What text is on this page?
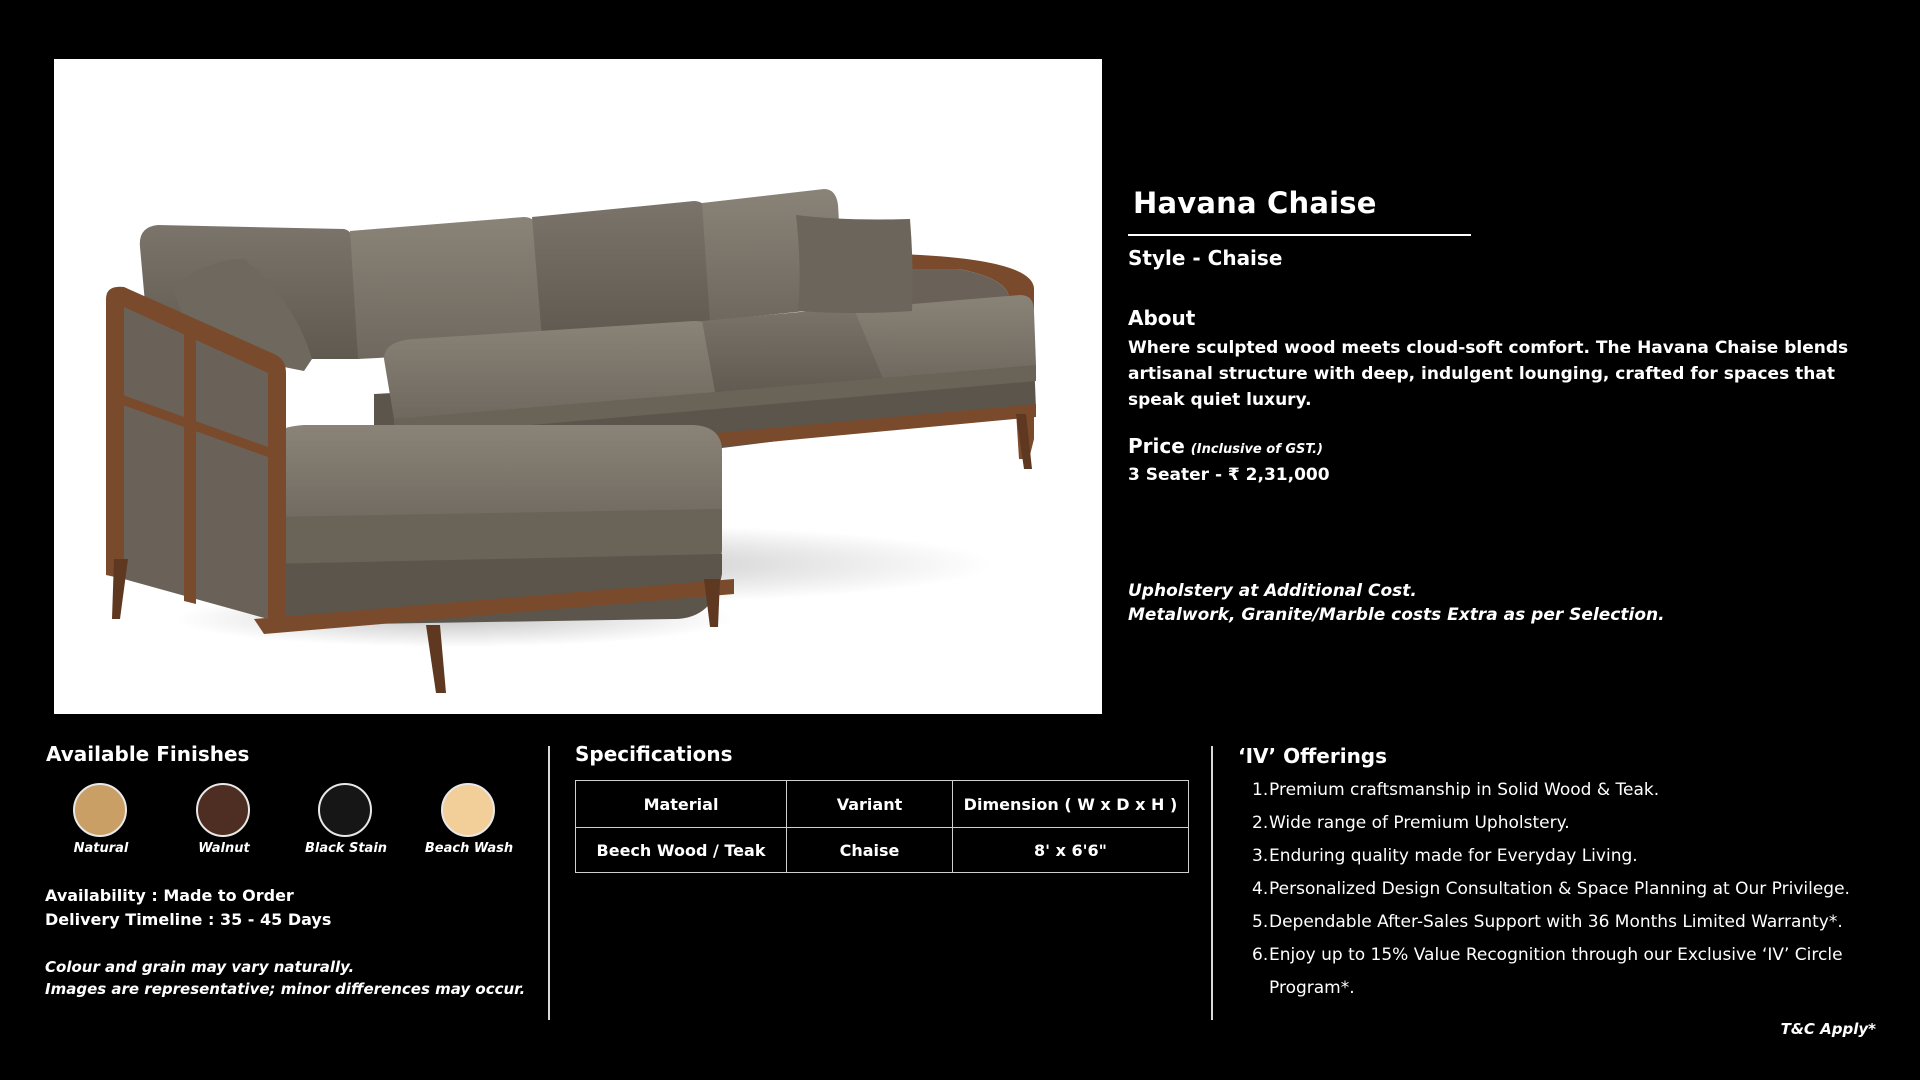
Havana Chaise
Style - Chaise
About
Where sculpted wood meets cloud-soft comfort. The Havana Chaise blends artisanal structure with deep, indulgent lounging, crafted for spaces that speak quiet luxury.
Price (Inclusive of GST.)
3 Seater - ₹ 2,31,000
Upholstery at Additional Cost.
Metalwork, Granite/Marble costs Extra as per Selection.
Available Finishes
Natural	Walnut	Black Stain	Beach Wash
Availability : Made to Order
Delivery Timeline : 35 - 45 Days
Colour and grain may vary naturally.
Images are representative; minor differences may occur.
Specifications
Material	Variant	Dimension ( W x D x H )
Beech Wood / Teak	Chaise	8' x 6'6"
‘IV’ Offerings
1. Premium craftsmanship in Solid Wood & Teak.
2. Wide range of Premium Upholstery.
3. Enduring quality made for Everyday Living.
4. Personalized Design Consultation & Space Planning at Our Privilege.
5. Dependable After-Sales Support with 36 Months Limited Warranty*.
6. Enjoy up to 15% Value Recognition through our Exclusive ‘IV’ Circle Program*.
T&C Apply*
